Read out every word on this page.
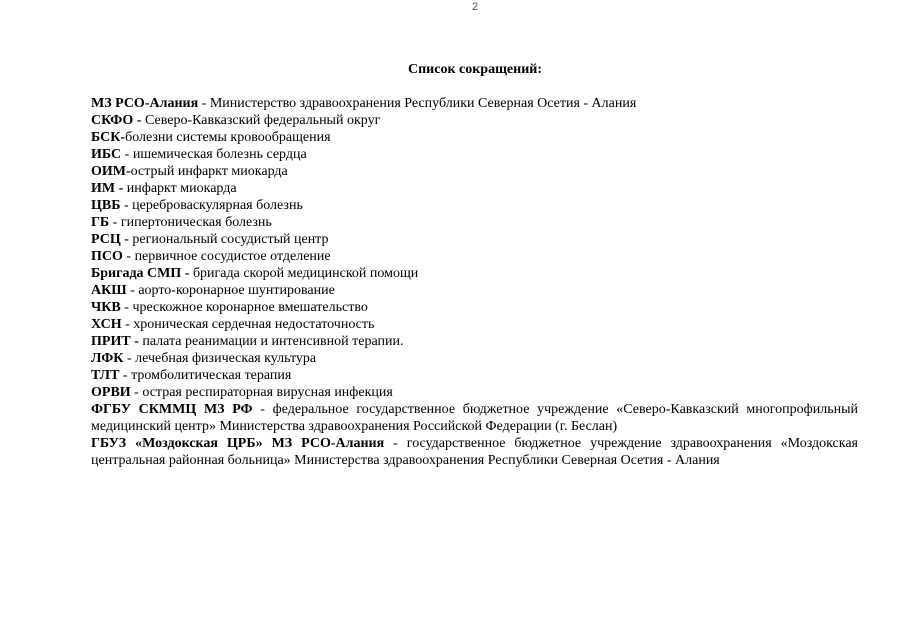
2
Список сокращений:
МЗ РСО-Алания - Министерство здравоохранения Республики Северная Осетия - Алания
СКФО - Северо-Кавказский федеральный округ
БСК-болезни системы кровообращения
ИБС - ишемическая болезнь сердца
ОИМ-острый инфаркт миокарда
ИМ - инфаркт миокарда
ЦВБ - цереброваскулярная болезнь
ГБ - гипертоническая болезнь
РСЦ - региональный сосудистый центр
ПСО - первичное сосудистое отделение
Бригада СМП - бригада скорой медицинской помощи
АКШ - аорто-коронарное шунтирование
ЧКВ - чрескожное коронарное вмешательство
ХСН - хроническая сердечная недостаточность
ПРИТ - палата реанимации и интенсивной терапии.
ЛФК - лечебная физическая культура
ТЛТ - тромболитическая терапия
ОРВИ - острая респираторная вирусная инфекция
ФГБУ СКММЦ МЗ РФ - федеральное государственное бюджетное учреждение «Северо-Кавказский многопрофильный медицинский центр» Министерства здравоохранения Российской Федерации (г. Беслан)
ГБУЗ «Моздокская ЦРБ» МЗ РСО-Алания - государственное бюджетное учреждение здравоохранения «Моздокская центральная районная больница» Министерства здравоохранения Республики Северная Осетия - Алания
